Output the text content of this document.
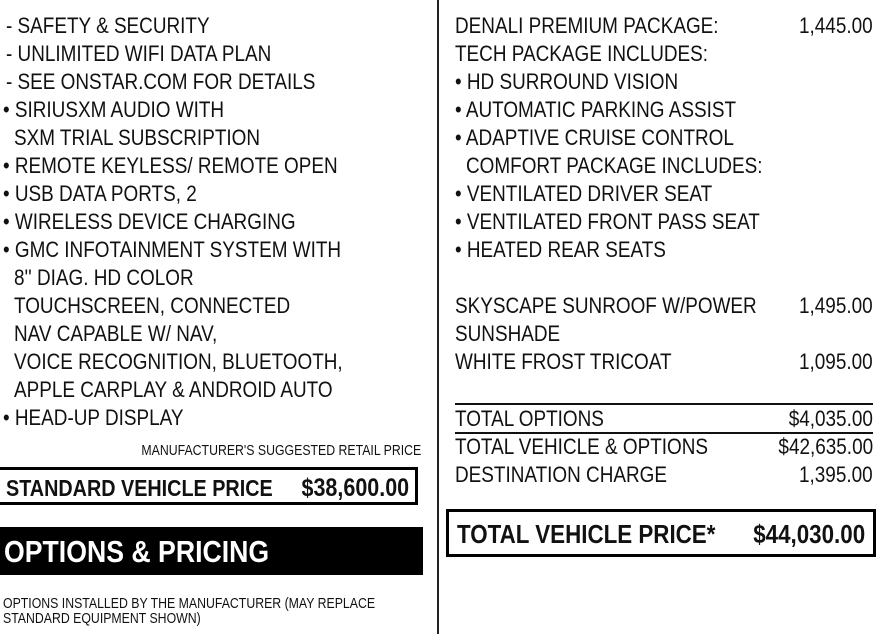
- SAFETY & SECURITY
- UNLIMITED WIFI DATA PLAN
- SEE ONSTAR.COM FOR DETAILS
• SIRIUSXM AUDIO WITH
SXM TRIAL SUBSCRIPTION
• REMOTE KEYLESS/ REMOTE OPEN
• USB DATA PORTS, 2
• WIRELESS DEVICE CHARGING
• GMC INFOTAINMENT SYSTEM WITH
8'' DIAG. HD COLOR
TOUCHSCREEN, CONNECTED
NAV CAPABLE W/ NAV,
VOICE RECOGNITION, BLUETOOTH,
APPLE CARPLAY & ANDROID AUTO
• HEAD-UP DISPLAY
MANUFACTURER'S SUGGESTED RETAIL PRICE
STANDARD VEHICLE PRICE	$38,600.00
OPTIONS & PRICING
OPTIONS INSTALLED BY THE MANUFACTURER (MAY REPLACE
STANDARD EQUIPMENT SHOWN)
DENALI PREMIUM PACKAGE:	1,445.00
TECH PACKAGE INCLUDES:
• HD SURROUND VISION
• AUTOMATIC PARKING ASSIST
• ADAPTIVE CRUISE CONTROL
COMFORT PACKAGE INCLUDES:
• VENTILATED DRIVER SEAT
• VENTILATED FRONT PASS SEAT
• HEATED REAR SEATS
SKYSCAPE SUNROOF W/POWER	1,495.00
SUNSHADE
WHITE FROST TRICOAT	1,095.00
TOTAL OPTIONS	$4,035.00
TOTAL VEHICLE & OPTIONS	$42,635.00
DESTINATION CHARGE	1,395.00
TOTAL VEHICLE PRICE*	$44,030.00
